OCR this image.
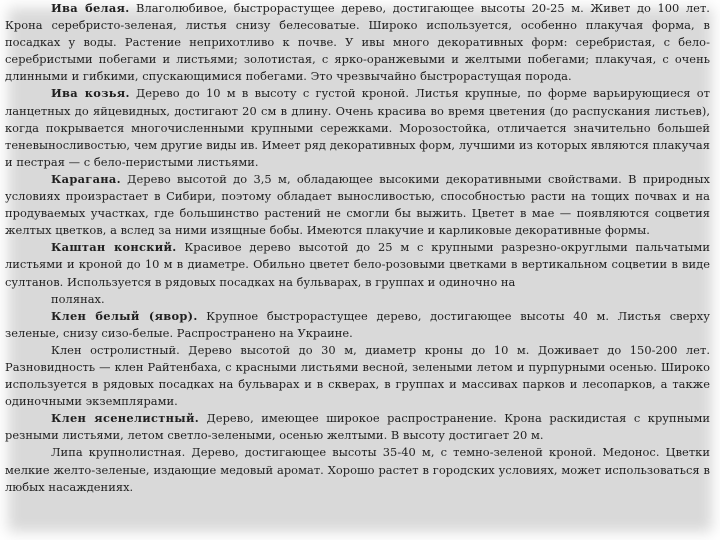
Ива белая. Влаголюбивое, быстрорастущее дерево, достигающее высоты 20-25 м. Живет до 100 лет. Крона серебристо-зеленая, листья снизу белесоватые. Широко используется, особенно плакучая форма, в посадках у воды. Растение неприхотливо к почве. У ивы много декоративных форм: серебристая, с бело-серебристыми побегами и листьями; золотистая, с ярко-оранжевыми и желтыми побегами; плакучая, с очень длинными и гибкими, спускающимися побегами. Это чрезвычайно быстрорастущая порода.

Ива козья. Дерево до 10 м в высоту с густой кроной. Листья крупные, по форме варьирующиеся от ланцетных до яйцевидных, достигают 20 см в длину. Очень красива во время цветения (до распускания листьев), когда покрывается многочисленными крупными сережками. Морозостойка, отличается значительно большей теневыносливостью, чем другие виды ив. Имеет ряд декоративных форм, лучшими из которых являются плакучая и пестрая — с бело-перистыми листьями.

Карагана. Дерево высотой до 3,5 м, обладающее высокими декоративными свойствами. В природных условиях произрастает в Сибири, поэтому обладает выносливостью, способностью расти на тощих почвах и на продуваемых участках, где большинство растений не смогли бы выжить. Цветет в мае — появляются соцветия желтых цветков, а вслед за ними изящные бобы. Имеются плакучие и карликовые декоративные формы.

Каштан конский. Красивое дерево высотой до 25 м с крупными разрезно-округлыми пальчатыми листьями и кроной до 10 м в диаметре. Обильно цветет бело-розовыми цветками в вертикальном соцветии в виде султанов. Используется в рядовых посадках на бульварах, в группах и одиночно на

полянах.

Клен белый (явор). Крупное быстрорастущее дерево, достигающее высоты 40 м. Листья сверху зеленые, снизу сизо-белые. Распространено на Украине.

Клен остролистный. Дерево высотой до 30 м, диаметр кроны до 10 м. Доживает до 150-200 лет. Разновидность — клен Райтенбаха, с красными листьями весной, зелеными летом и пурпурными осенью. Широко используется в рядовых посадках на бульварах и в скверах, в группах и массивах парков и лесопарков, а также одиночными экземплярами.

Клен ясенелистный. Дерево, имеющее широкое распространение. Крона раскидистая с крупными резными листьями, летом светло-зелеными, осенью желтыми. В высоту достигает 20 м.

Липа крупнолистная. Дерево, достигающее высоты 35-40 м, с темно-зеленой кроной. Медонос. Цветки мелкие желто-зеленые, издающие медовый аромат. Хорошо растет в городских условиях, может использоваться в любых насаждениях.
